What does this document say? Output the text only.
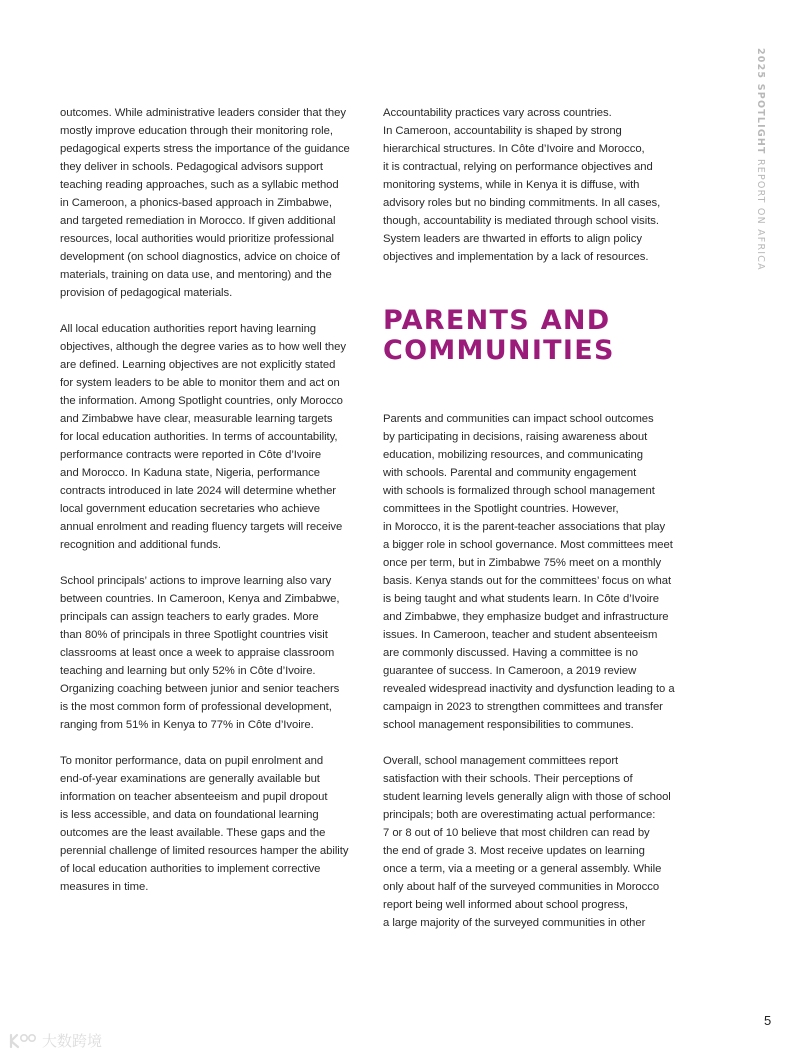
2025 SPOTLIGHT REPORT ON AFRICA

outcomes. While administrative leaders consider that they
mostly improve education through their monitoring role,
pedagogical experts stress the importance of the guidance
they deliver in schools. Pedagogical advisors support
teaching reading approaches, such as a syllabic method
in Cameroon, a phonics-based approach in Zimbabwe,
and targeted remediation in Morocco. If given additional
resources, local authorities would prioritize professional
development (on school diagnostics, advice on choice of
materials, training on data use, and mentoring) and the
provision of pedagogical materials.

All local education authorities report having learning
objectives, although the degree varies as to how well they
are defined. Learning objectives are not explicitly stated
for system leaders to be able to monitor them and act on
the information. Among Spotlight countries, only Morocco
and Zimbabwe have clear, measurable learning targets
for local education authorities. In terms of accountability,
performance contracts were reported in Côte d’Ivoire
and Morocco. In Kaduna state, Nigeria, performance
contracts introduced in late 2024 will determine whether
local government education secretaries who achieve
annual enrolment and reading fluency targets will receive
recognition and additional funds.

School principals’ actions to improve learning also vary
between countries. In Cameroon, Kenya and Zimbabwe,
principals can assign teachers to early grades. More
than 80% of principals in three Spotlight countries visit
classrooms at least once a week to appraise classroom
teaching and learning but only 52% in Côte d’Ivoire.
Organizing coaching between junior and senior teachers
is the most common form of professional development,
ranging from 51% in Kenya to 77% in Côte d’Ivoire.

To monitor performance, data on pupil enrolment and
end-of-year examinations are generally available but
information on teacher absenteeism and pupil dropout
is less accessible, and data on foundational learning
outcomes are the least available. These gaps and the
perennial challenge of limited resources hamper the ability
of local education authorities to implement corrective
measures in time.

Accountability practices vary across countries.
In Cameroon, accountability is shaped by strong
hierarchical structures. In Côte d’Ivoire and Morocco,
it is contractual, relying on performance objectives and
monitoring systems, while in Kenya it is diffuse, with
advisory roles but no binding commitments. In all cases,
though, accountability is mediated through school visits.
System leaders are thwarted in efforts to align policy
objectives and implementation by a lack of resources.

PARENTS AND
COMMUNITIES

Parents and communities can impact school outcomes
by participating in decisions, raising awareness about
education, mobilizing resources, and communicating
with schools. Parental and community engagement
with schools is formalized through school management
committees in the Spotlight countries. However,
in Morocco, it is the parent-teacher associations that play
a bigger role in school governance. Most committees meet
once per term, but in Zimbabwe 75% meet on a monthly
basis. Kenya stands out for the committees’ focus on what
is being taught and what students learn. In Côte d’Ivoire
and Zimbabwe, they emphasize budget and infrastructure
issues. In Cameroon, teacher and student absenteeism
are commonly discussed. Having a committee is no
guarantee of success. In Cameroon, a 2019 review
revealed widespread inactivity and dysfunction leading to a
campaign in 2023 to strengthen committees and transfer
school management responsibilities to communes.

Overall, school management committees report
satisfaction with their schools. Their perceptions of
student learning levels generally align with those of school
principals; both are overestimating actual performance:
7 or 8 out of 10 believe that most children can read by
the end of grade 3. Most receive updates on learning
once a term, via a meeting or a general assembly. While
only about half of the surveyed communities in Morocco
report being well informed about school progress,
a large majority of the surveyed communities in other

5
大数跨境
